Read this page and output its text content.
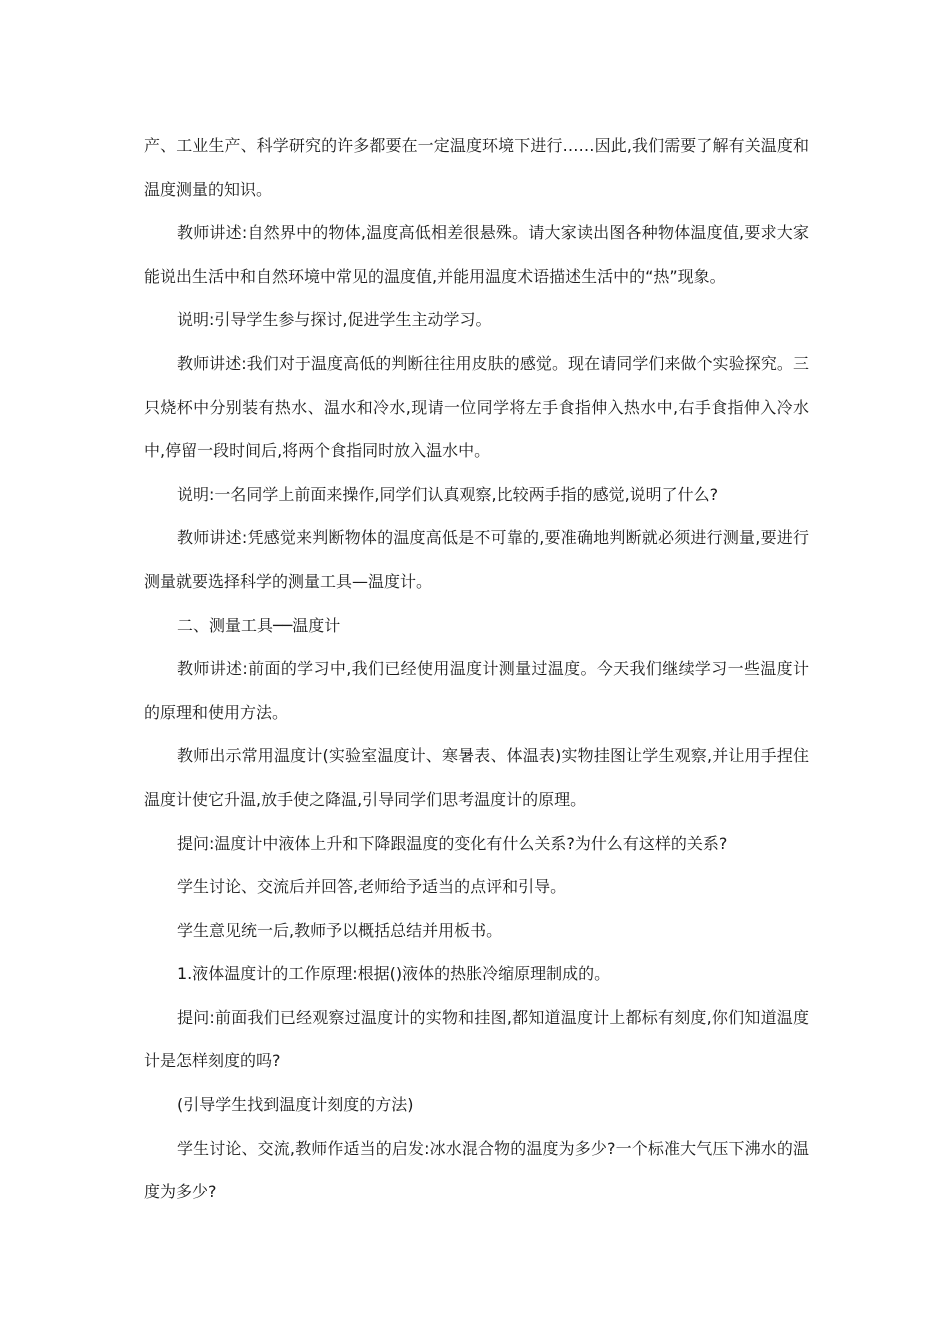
产、工业生产、科学研究的许多都要在一定温度环境下进行……因此,我们需要了解有关温度和温度测量的知识。

教师讲述:自然界中的物体,温度高低相差很悬殊。请大家读出图各种物体温度值,要求大家能说出生活中和自然环境中常见的温度值,并能用温度术语描述生活中的“热”现象。

说明:引导学生参与探讨,促进学生主动学习。

教师讲述:我们对于温度高低的判断往往用皮肤的感觉。现在请同学们来做个实验探究。三只烧杯中分别装有热水、温水和冷水,现请一位同学将左手食指伸入热水中,右手食指伸入冷水中,停留一段时间后,将两个食指同时放入温水中。

说明:一名同学上前面来操作,同学们认真观察,比较两手指的感觉,说明了什么?

教师讲述:凭感觉来判断物体的温度高低是不可靠的,要准确地判断就必须进行测量,要进行测量就要选择科学的测量工具—温度计。

二、测量工具──温度计

教师讲述:前面的学习中,我们已经使用温度计测量过温度。今天我们继续学习一些温度计的原理和使用方法。

教师出示常用温度计(实验室温度计、寒暑表、体温表)实物挂图让学生观察,并让用手捏住温度计使它升温,放手使之降温,引导同学们思考温度计的原理。

提问:温度计中液体上升和下降跟温度的变化有什么关系?为什么有这样的关系?

学生讨论、交流后并回答,老师给予适当的点评和引导。

学生意见统一后,教师予以概括总结并用板书。

1.液体温度计的工作原理:根据()液体的热胀冷缩原理制成的。

提问:前面我们已经观察过温度计的实物和挂图,都知道温度计上都标有刻度,你们知道温度计是怎样刻度的吗?

(引导学生找到温度计刻度的方法)

学生讨论、交流,教师作适当的启发:冰水混合物的温度为多少?一个标准大气压下沸水的温度为多少?
